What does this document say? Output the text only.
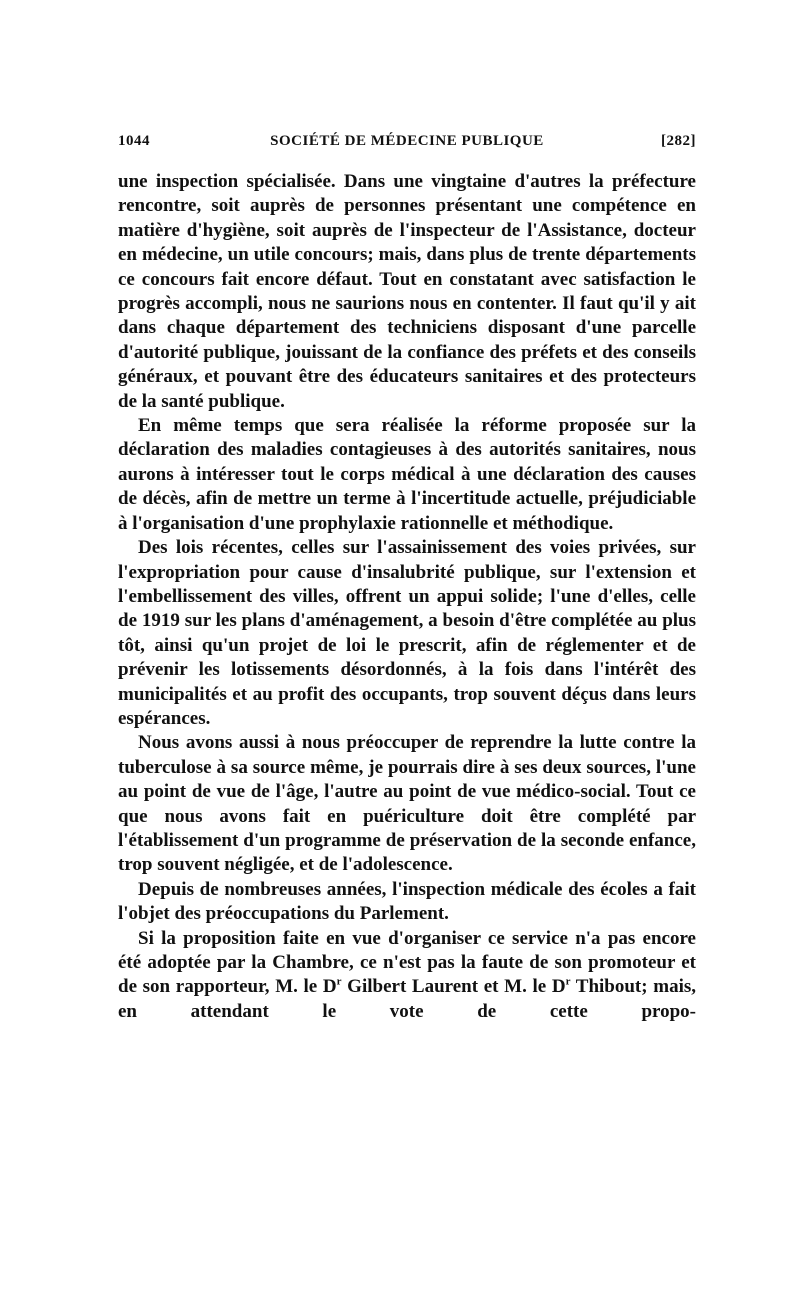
1044	SOCIÉTÉ DE MÉDECINE PUBLIQUE	[282]

une inspection spécialisée. Dans une vingtaine d'autres la préfecture rencontre, soit auprès de personnes présentant une compétence en matière d'hygiène, soit auprès de l'inspecteur de l'Assistance, docteur en médecine, un utile concours; mais, dans plus de trente départements ce concours fait encore défaut. Tout en constatant avec satisfaction le progrès accompli, nous ne saurions nous en contenter. Il faut qu'il y ait dans chaque département des techniciens disposant d'une parcelle d'autorité publique, jouissant de la confiance des préfets et des conseils généraux, et pouvant être des éducateurs sanitaires et des protecteurs de la santé publique.

En même temps que sera réalisée la réforme proposée sur la déclaration des maladies contagieuses à des autorités sanitaires, nous aurons à intéresser tout le corps médical à une déclaration des causes de décès, afin de mettre un terme à l'incertitude actuelle, préjudiciable à l'organisation d'une prophylaxie rationnelle et méthodique.

Des lois récentes, celles sur l'assainissement des voies privées, sur l'expropriation pour cause d'insalubrité publique, sur l'extension et l'embellissement des villes, offrent un appui solide; l'une d'elles, celle de 1919 sur les plans d'aménagement, a besoin d'être complétée au plus tôt, ainsi qu'un projet de loi le prescrit, afin de réglementer et de prévenir les lotissements désordonnés, à la fois dans l'intérêt des municipalités et au profit des occupants, trop souvent déçus dans leurs espérances.

Nous avons aussi à nous préoccuper de reprendre la lutte contre la tuberculose à sa source même, je pourrais dire à ses deux sources, l'une au point de vue de l'âge, l'autre au point de vue médico-social. Tout ce que nous avons fait en puériculture doit être complété par l'établissement d'un programme de préservation de la seconde enfance, trop souvent négligée, et de l'adolescence.

Depuis de nombreuses années, l'inspection médicale des écoles a fait l'objet des préoccupations du Parlement.

Si la proposition faite en vue d'organiser ce service n'a pas encore été adoptée par la Chambre, ce n'est pas la faute de son promoteur et de son rapporteur, M. le $D^r$ Gilbert Laurent et M. le $D^r$ Thibout; mais, en attendant le vote de cette propo-
